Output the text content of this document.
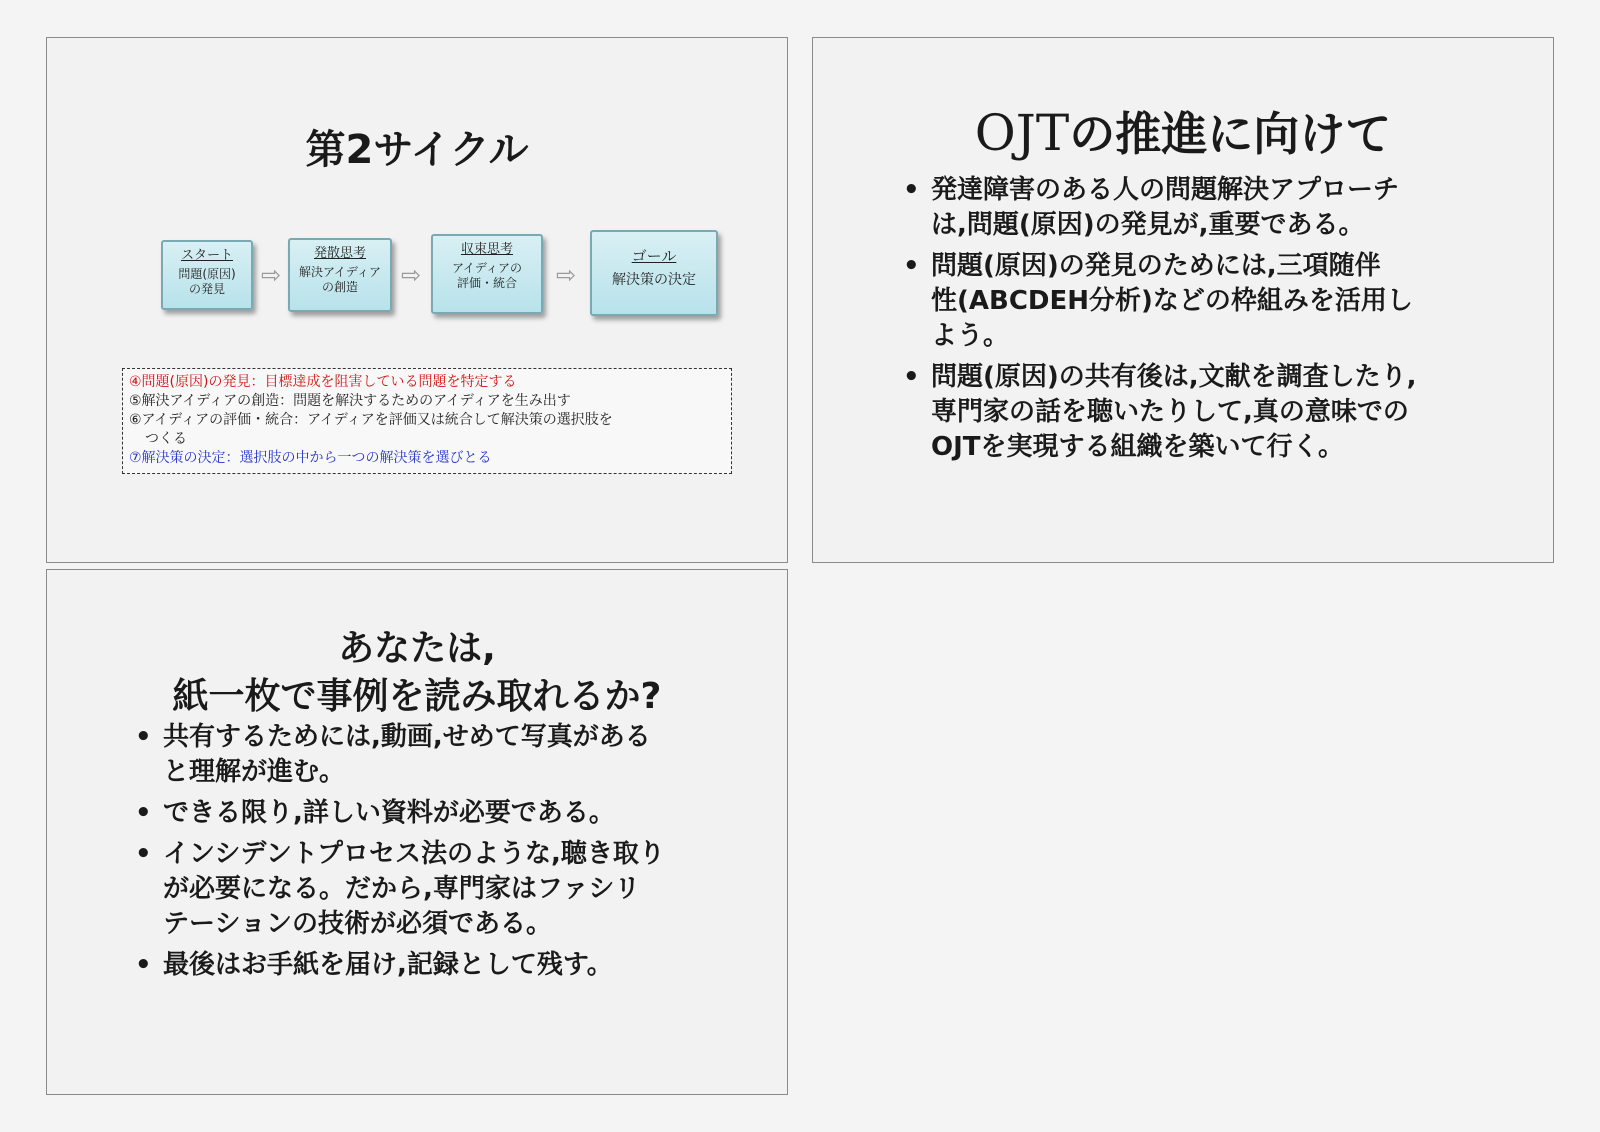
第2サイクル
スタート
問題(原因)
の発見	⇨
発散思考
解決アイディア
の創造	⇨
収束思考
アイディアの
評価・統合	⇨
ゴール
解決策の決定
④問題(原因)の発見：目標達成を阻害している問題を特定する
⑤解決アイディアの創造：問題を解決するためのアイディアを生み出す
⑥アイディアの評価・統合：アイディアを評価又は統合して解決策の選択肢を
つくる
⑦解決策の決定：選択肢の中から一つの解決策を選びとる
OJTの推進に向けて
• 発達障害のある人の問題解決アプローチ
は,問題(原因)の発見が,重要である。
• 問題(原因)の発見のためには,三項随伴
性(ABCDEH分析)などの枠組みを活用し
よう。
• 問題(原因)の共有後は,文献を調査したり,
専門家の話を聴いたりして,真の意味での
OJTを実現する組織を築いて行く。
あなたは,
紙一枚で事例を読み取れるか?
• 共有するためには,動画,せめて写真がある
と理解が進む。
• できる限り,詳しい資料が必要である。
• インシデントプロセス法のような,聴き取り
が必要になる。だから,専門家はファシリ
テーションの技術が必須である。
• 最後はお手紙を届け,記録として残す。
